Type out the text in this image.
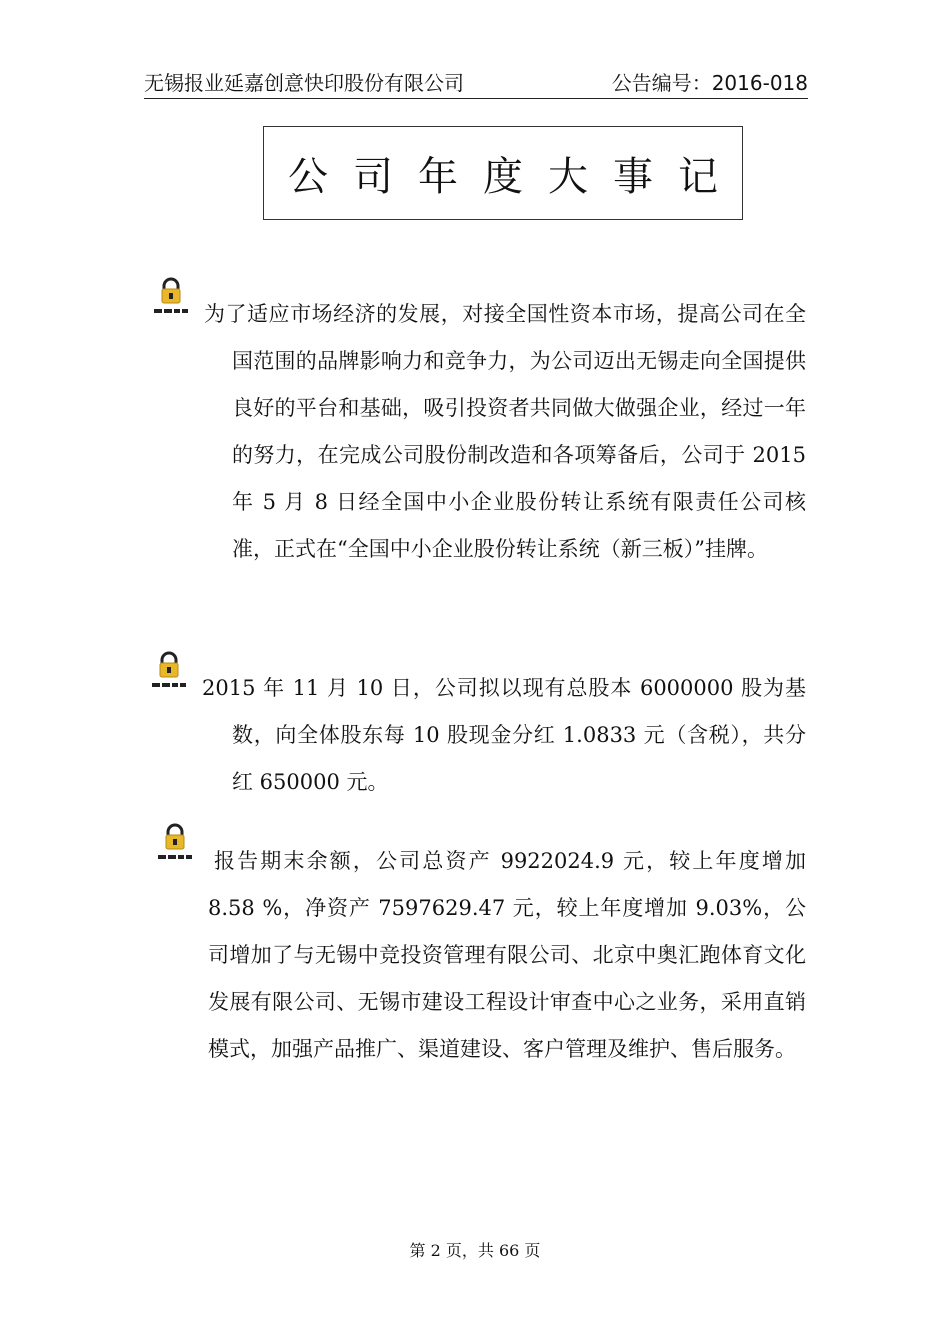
无锡报业延嘉创意快印股份有限公司	公告编号：2016-018
公司年度大事记
为了适应市场经济的发展，对接全国性资本市场，提高公司在全国范围的品牌影响力和竞争力，为公司迈出无锡走向全国提供良好的平台和基础，吸引投资者共同做大做强企业，经过一年的努力，在完成公司股份制改造和各项筹备后，公司于 2015 年 5 月 8 日经全国中小企业股份转让系统有限责任公司核准，正式在“全国中小企业股份转让系统（新三板）”挂牌。
2015 年 11 月 10 日，公司拟以现有总股本 6000000 股为基数，向全体股东每 10 股现金分红 1.0833 元（含税），共分红 650000 元。
报告期末余额，公司总资产 9922024.9 元，较上年度增加 8.58 %，净资产 7597629.47 元，较上年度增加 9.03%，公司增加了与无锡中竞投资管理有限公司、北京中奥汇跑体育文化发展有限公司、无锡市建设工程设计审查中心之业务，采用直销模式，加强产品推广、渠道建设、客户管理及维护、售后服务。
第 2 页，共 66 页
